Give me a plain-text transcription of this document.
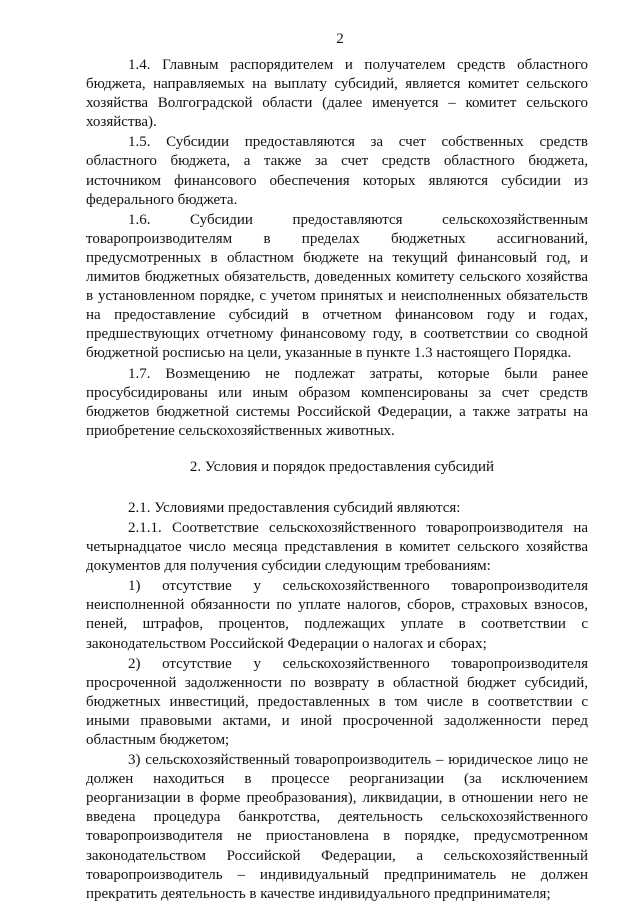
2

1.4. Главным распорядителем и получателем средств областного бюджета, направляемых на выплату субсидий, является комитет сельского хозяйства Волгоградской области (далее именуется – комитет сельского хозяйства).

1.5. Субсидии предоставляются за счет собственных средств областного бюджета, а также за счет средств областного бюджета, источником финансового обеспечения которых являются субсидии из федерального бюджета.

1.6. Субсидии предоставляются сельскохозяйственным товаропроизводителям в пределах бюджетных ассигнований, предусмотренных в областном бюджете на текущий финансовый год, и лимитов бюджетных обязательств, доведенных комитету сельского хозяйства в установленном порядке, с учетом принятых и неисполненных обязательств на предоставление субсидий в отчетном финансовом году и годах, предшествующих отчетному финансовому году, в соответствии со сводной бюджетной росписью на цели, указанные в пункте 1.3 настоящего Порядка.

1.7. Возмещению не подлежат затраты, которые были ранее просубсидированы или иным образом компенсированы за счет средств бюджетов бюджетной системы Российской Федерации, а также затраты на приобретение сельскохозяйственных животных.

2. Условия и порядок предоставления субсидий

2.1. Условиями предоставления субсидий являются:

2.1.1. Соответствие сельскохозяйственного товаропроизводителя на четырнадцатое число месяца представления в комитет сельского хозяйства документов для получения субсидии следующим требованиям:

1) отсутствие у сельскохозяйственного товаропроизводителя неисполненной обязанности по уплате налогов, сборов, страховых взносов, пеней, штрафов, процентов, подлежащих уплате в соответствии с законодательством Российской Федерации о налогах и сборах;

2) отсутствие у сельскохозяйственного товаропроизводителя просроченной задолженности по возврату в областной бюджет субсидий, бюджетных инвестиций, предоставленных в том числе в соответствии с иными правовыми актами, и иной просроченной задолженности перед областным бюджетом;

3) сельскохозяйственный товаропроизводитель – юридическое лицо не должен находиться в процессе реорганизации (за исключением реорганизации в форме преобразования), ликвидации, в отношении него не введена процедура банкротства, деятельность сельскохозяйственного товаропроизводителя не приостановлена в порядке, предусмотренном законодательством Российской Федерации, а сельскохозяйственный товаропроизводитель – индивидуальный предприниматель не должен прекратить деятельность в качестве индивидуального предпринимателя;
